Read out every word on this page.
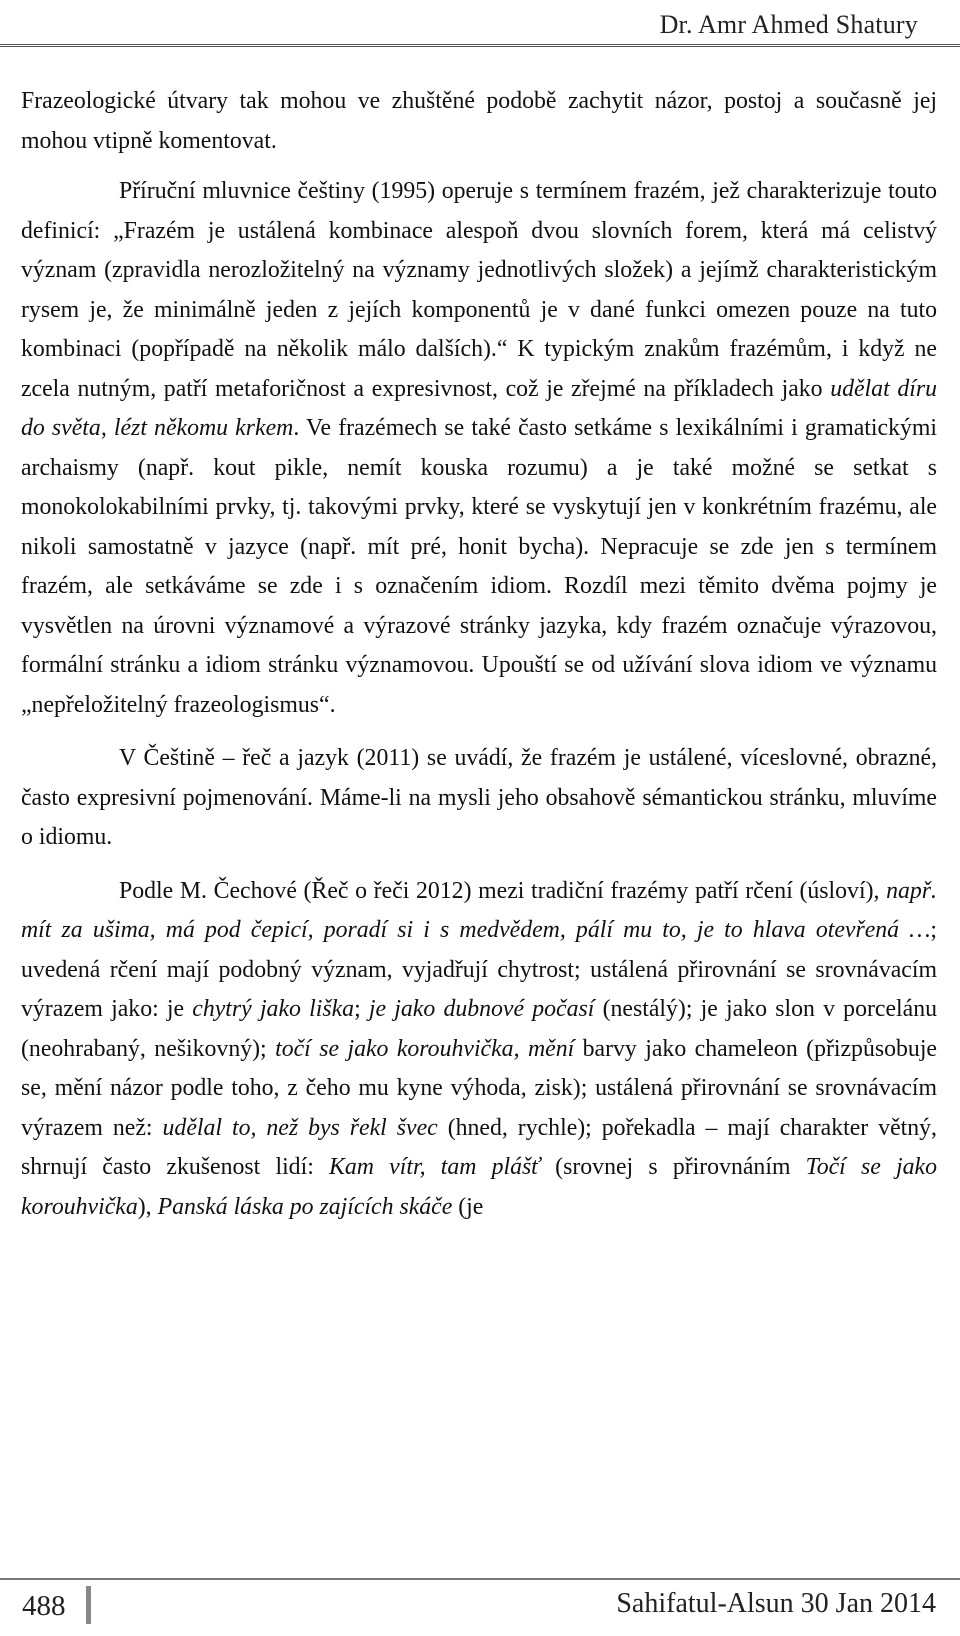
Dr. Amr Ahmed Shatury

Frazeologické útvary tak mohou ve zhuštěné podobě zachytit názor, postoj a současně jej mohou vtipně komentovat.

Příruční mluvnice češtiny (1995) operuje s termínem frazém, jež charakterizuje touto definicí: „Frazém je ustálená kombinace alespoň dvou slovních forem, která má celistvý význam (zpravidla nerozložitelný na významy jednotlivých složek) a jejímž charakteristickým rysem je, že minimálně jeden z jejích komponentů je v dané funkci omezen pouze na tuto kombinaci (popřípadě na několik málo dalších).“ K typickým znakům frazémům, i když ne zcela nutným, patří metaforičnost a expresivnost, což je zřejmé na příkladech jako udělat díru do světa, lézt někomu krkem. Ve frazémech se také často setkáme s lexikálními i gramatickými archaismy (např. kout pikle, nemít kouska rozumu) a je také možné se setkat s monokolokabilními prvky, tj. takovými prvky, které se vyskytují jen v konkrétním frazému, ale nikoli samostatně v jazyce (např. mít pré, honit bycha). Nepracuje se zde jen s termínem frazém, ale setkáváme se zde i s označením idiom. Rozdíl mezi těmito dvěma pojmy je vysvětlen na úrovni významové a výrazové stránky jazyka, kdy frazém označuje výrazovou, formální stránku a idiom stránku významovou. Upouští se od užívání slova idiom ve významu „nepřeložitelný frazeologismus“.

V Češtině – řeč a jazyk (2011) se uvádí, že frazém je ustálené, víceslovné, obrazné, často expresivní pojmenování. Máme-li na mysli jeho obsahově sémantickou stránku, mluvíme o idiomu.

Podle M. Čechové (Řeč o řeči 2012) mezi tradiční frazémy patří rčení (úsloví), např. mít za ušima, má pod čepicí, poradí si i s medvědem, pálí mu to, je to hlava otevřená …; uvedená rčení mají podobný význam, vyjadřují chytrost; ustálená přirovnání se srovnávacím výrazem jako: je chytrý jako liška; je jako dubnové počasí (nestálý); je jako slon v porcelánu (neohrabaný, nešikovný); točí se jako korouhvička, mění barvy jako chameleon (přizpůsobuje se, mění názor podle toho, z čeho mu kyne výhoda, zisk); ustálená přirovnání se srovnávacím výrazem než: udělal to, než bys řekl švec (hned, rychle); pořekadla – mají charakter větný, shrnují často zkušenost lidí: Kam vítr, tam plášť (srovnej s přirovnáním Točí se jako korouhvička), Panská láska po zajících skáče (je

488	Sahifatul-Alsun 30 Jan 2014
